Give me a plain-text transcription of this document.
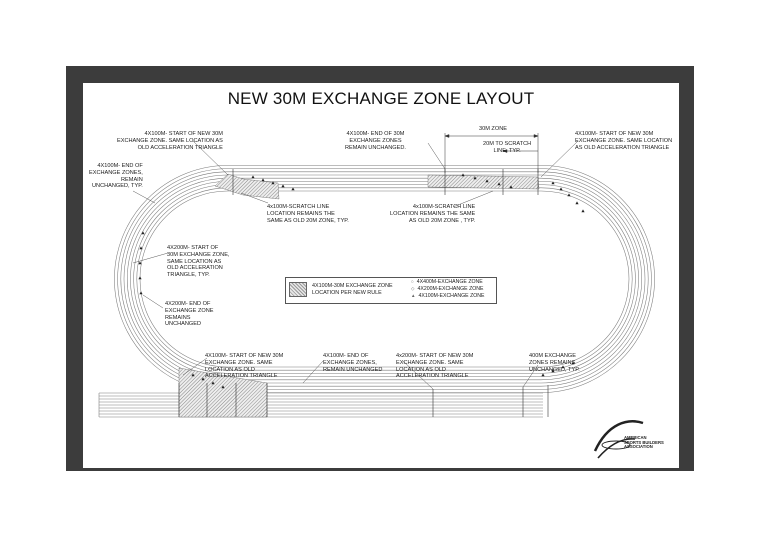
NEW 30M EXCHANGE ZONE LAYOUT
4X100M- START OF NEW 30M
EXCHANGE ZONE. SAME LOCATION AS
OLD ACCELERATION TRIANGLE
4X100M- END OF
EXCHANGE ZONES,
REMAIN
UNCHANGED, TYP.
4X100M- END OF 30M
EXCHANGE ZONES
REMAIN UNCHANGED.
30M ZONE
20M TO SCRATCH
LINE, TYP.
4X100M- START OF NEW 30M
EXCHANGE ZONE. SAME LOCATION
AS OLD ACCELERATION TRIANGLE
4x100M-SCRATCH LINE
LOCATION REMAINS THE
SAME AS OLD 20M ZONE, TYP.
4x100M-SCRATCH LINE
LOCATION REMAINS THE SAME
AS OLD 20M ZONE , TYP.
4X200M- START OF
30M EXCHANGE ZONE,
SAME LOCATION AS
OLD ACCELERATION
TRIANGLE, TYP.
4X200M- END OF
EXCHANGE ZONE
REMAINS
UNCHANGED
4X100M-30M EXCHANGE ZONE
LOCATION PER NEW RULE
○ 4X400M-EXCHANGE ZONE
◇ 4X200M-EXCHANGE ZONE
▲ 4X100M-EXCHANGE ZONE
4X100M- START OF NEW 30M
EXCHANGE ZONE. SAME
LOCATION AS OLD
ACCELERATION TRIANGLE
4X100M- END OF
EXCHANGE ZONES,
REMAIN UNCHANGED
4x200M- START OF NEW 30M
EXCHANGE ZONE. SAME
LOCATION AS OLD
ACCELERATION TRIANGLE
400M EXCHANGE
ZONES REMAINS
UNCHANGED, TYP.
AMERICAN
SPORTS BUILDERS
ASSOCIATION
